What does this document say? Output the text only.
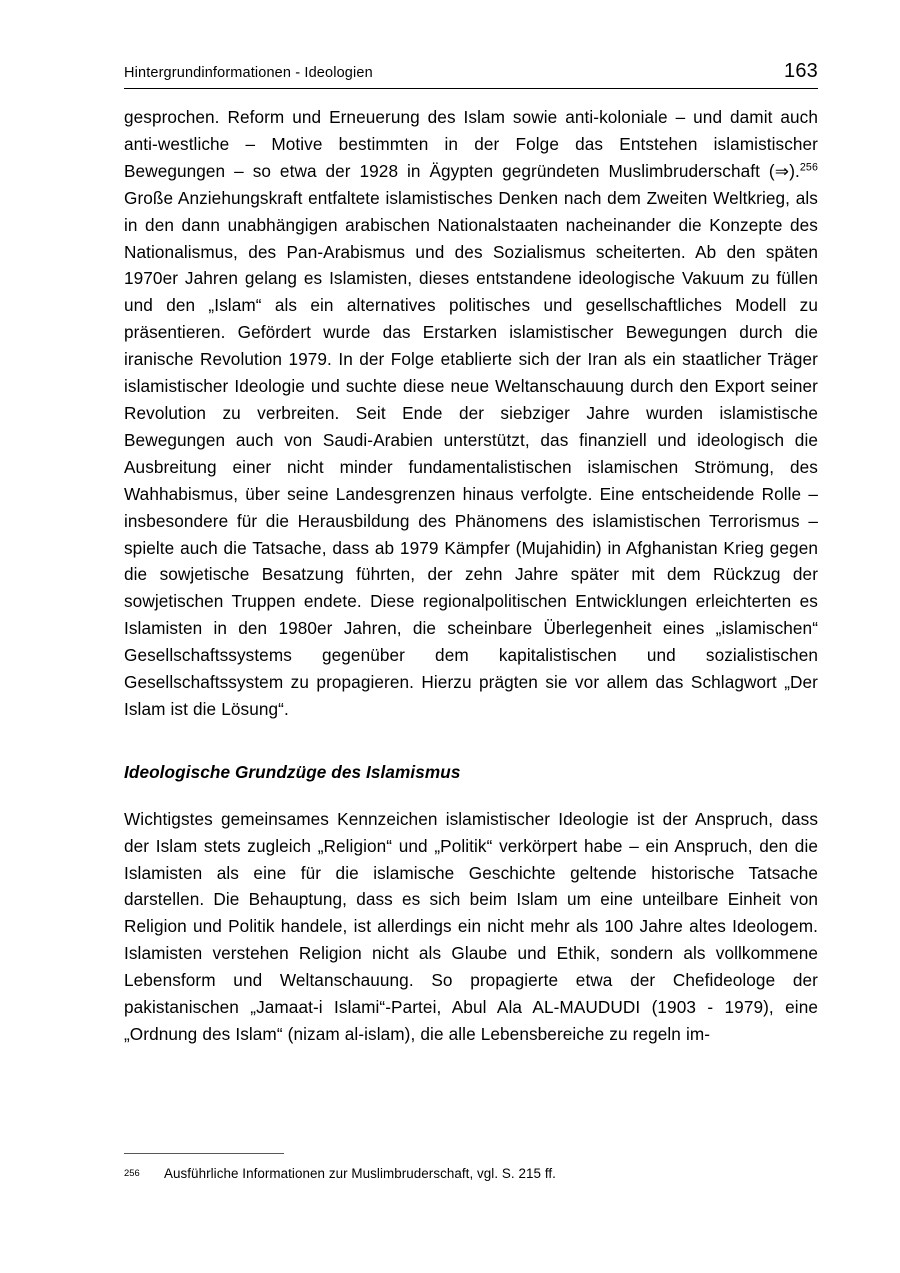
Hintergrundinformationen - Ideologien	163

gesprochen. Reform und Erneuerung des Islam sowie anti-koloniale – und damit auch anti-westliche – Motive bestimmten in der Folge das Entstehen islamistischer Bewegungen – so etwa der 1928 in Ägypten gegründeten Muslimbruderschaft (⇒).$^{256}$ Große Anziehungskraft entfaltete islamistisches Denken nach dem Zweiten Weltkrieg, als in den dann unabhängigen arabischen Nationalstaaten nacheinander die Konzepte des Nationalismus, des Pan-Arabismus und des Sozialismus scheiterten. Ab den späten 1970er Jahren gelang es Islamisten, dieses entstandene ideologische Vakuum zu füllen und den „Islam“ als ein alternatives politisches und gesellschaftliches Modell zu präsentieren. Gefördert wurde das Erstarken islamistischer Bewegungen durch die iranische Revolution 1979. In der Folge etablierte sich der Iran als ein staatlicher Träger islamistischer Ideologie und suchte diese neue Weltanschauung durch den Export seiner Revolution zu verbreiten. Seit Ende der siebziger Jahre wurden islamistische Bewegungen auch von Saudi-Arabien unterstützt, das finanziell und ideologisch die Ausbreitung einer nicht minder fundamentalistischen islamischen Strömung, des Wahhabismus, über seine Landesgrenzen hinaus verfolgte. Eine entscheidende Rolle – insbesondere für die Herausbildung des Phänomens des islamistischen Terrorismus – spielte auch die Tatsache, dass ab 1979 Kämpfer (Mujahidin) in Afghanistan Krieg gegen die sowjetische Besatzung führten, der zehn Jahre später mit dem Rückzug der sowjetischen Truppen endete. Diese regionalpolitischen Entwicklungen erleichterten es Islamisten in den 1980er Jahren, die scheinbare Überlegenheit eines „islamischen“ Gesellschaftssystems gegenüber dem kapitalistischen und sozialistischen Gesellschaftssystem zu propagieren. Hierzu prägten sie vor allem das Schlagwort „Der Islam ist die Lösung“.

Ideologische Grundzüge des Islamismus

Wichtigstes gemeinsames Kennzeichen islamistischer Ideologie ist der Anspruch, dass der Islam stets zugleich „Religion“ und „Politik“ verkörpert habe – ein Anspruch, den die Islamisten als eine für die islamische Geschichte geltende historische Tatsache darstellen. Die Behauptung, dass es sich beim Islam um eine unteilbare Einheit von Religion und Politik handele, ist allerdings ein nicht mehr als 100 Jahre altes Ideologem. Islamisten verstehen Religion nicht als Glaube und Ethik, sondern als vollkommene Lebensform und Weltanschauung. So propagierte etwa der Chefideologe der pakistanischen „Jamaat-i Islami“-Partei, Abul Ala AL-MAUDUDI (1903 - 1979), eine „Ordnung des Islam“ (nizam al-islam), die alle Lebensbereiche zu regeln im-

256	Ausführliche Informationen zur Muslimbruderschaft, vgl. S. 215 ff.
